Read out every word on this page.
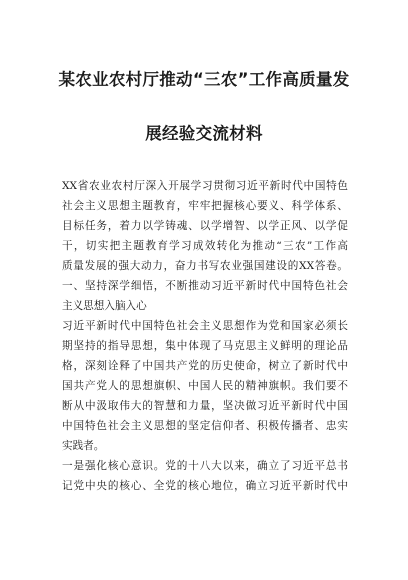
某农业农村厅推动“三农”工作高质量发
展经验交流材料
XX省农业农村厅深入开展学习贯彻习近平新时代中国特色
社会主义思想主题教育，牢牢把握核心要义、科学体系、
目标任务，着力以学铸魂、以学增智、以学正风、以学促
干，切实把主题教育学习成效转化为推动“三农”工作高
质量发展的强大动力，奋力书写农业强国建设的XX答卷。
一、坚持深学细悟，不断推动习近平新时代中国特色社会
主义思想入脑入心
习近平新时代中国特色社会主义思想作为党和国家必须长
期坚持的指导思想，集中体现了马克思主义鲜明的理论品
格，深刻诠释了中国共产党的历史使命，树立了新时代中
国共产党人的思想旗帜、中国人民的精神旗帜。我们要不
断从中汲取伟大的智慧和力量，坚决做习近平新时代中国
中国特色社会主义思想的坚定信仰者、积极传播者、忠实
实践者。
一是强化核心意识。党的十八大以来，确立了习近平总书
记党中央的核心、全党的核心地位，确立习近平新时代中
